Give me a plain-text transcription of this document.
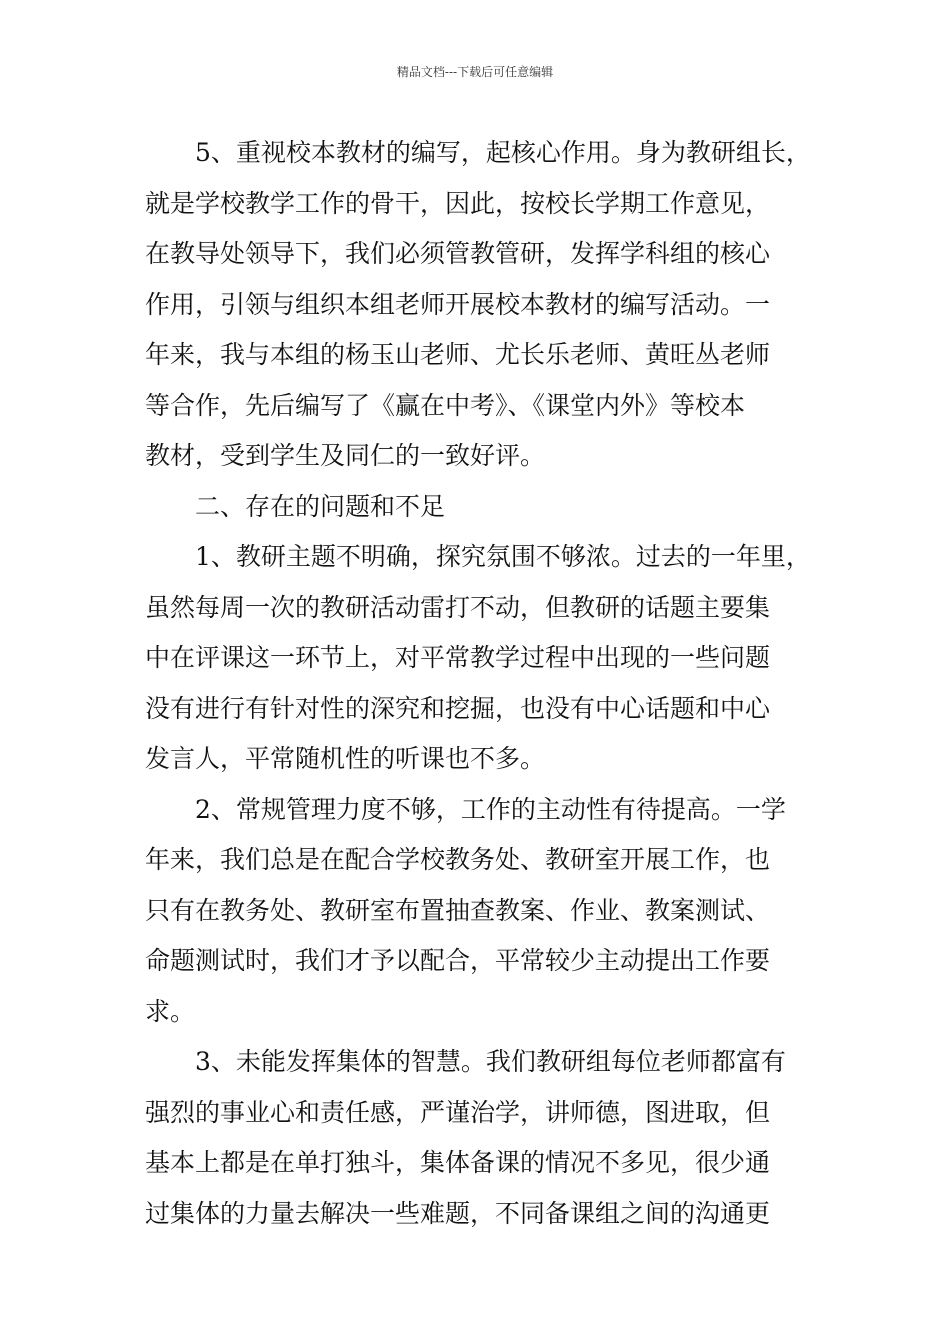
精品文档---下载后可任意编辑
5、重视校本教材的编写，起核心作用。身为教研组长，
就是学校教学工作的骨干，因此，按校长学期工作意见，
在教导处领导下，我们必须管教管研，发挥学科组的核心
作用，引领与组织本组老师开展校本教材的编写活动。一
年来，我与本组的杨玉山老师、尤长乐老师、黄旺丛老师
等合作，先后编写了《赢在中考》、《课堂内外》等校本
教材，受到学生及同仁的一致好评。
二、存在的问题和不足
1、教研主题不明确，探究氛围不够浓。过去的一年里，
虽然每周一次的教研活动雷打不动，但教研的话题主要集
中在评课这一环节上，对平常教学过程中出现的一些问题
没有进行有针对性的深究和挖掘，也没有中心话题和中心
发言人，平常随机性的听课也不多。
2、常规管理力度不够，工作的主动性有待提高。一学
年来，我们总是在配合学校教务处、教研室开展工作，也
只有在教务处、教研室布置抽查教案、作业、教案测试、
命题测试时，我们才予以配合，平常较少主动提出工作要
求。
3、未能发挥集体的智慧。我们教研组每位老师都富有
强烈的事业心和责任感，严谨治学，讲师德，图进取，但
基本上都是在单打独斗，集体备课的情况不多见，很少通
过集体的力量去解决一些难题，不同备课组之间的沟通更
